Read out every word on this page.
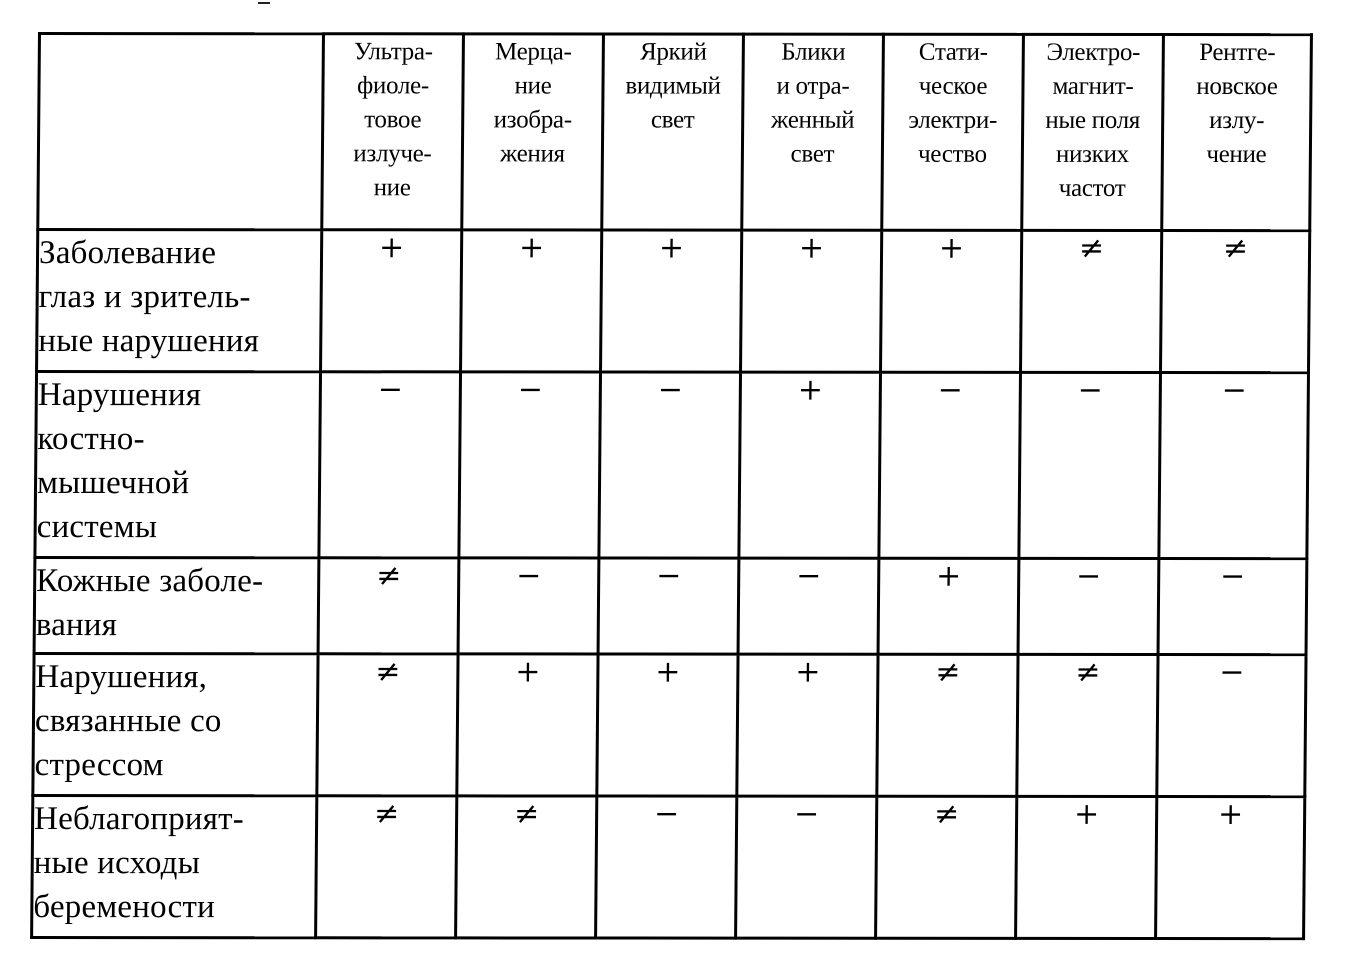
	Ультра-
фиоле-
товое
излуче-
ние	Мерца-
ние
изобра-
жения	Яркий
видимый
свет	Блики
и отра-
женный
свет	Стати-
ческое
электри-
чество	Электро-
магнит-
ные поля
низких
частот	Рентге-
новское
излу-
чение
Заболевание
глаз и зритель-
ные нарушения	+	+	+	+	+	≠	≠
Нарушения
костно-
мышечной
системы	−	−	−	+	−	−	−
Кожные заболе-
вания	≠	−	−	−	+	−	−
Нарушения,
связанные со
стрессом	≠	+	+	+	≠	≠	−
Неблагоприят-
ные исходы
беремености	≠	≠	−	−	≠	+	+
